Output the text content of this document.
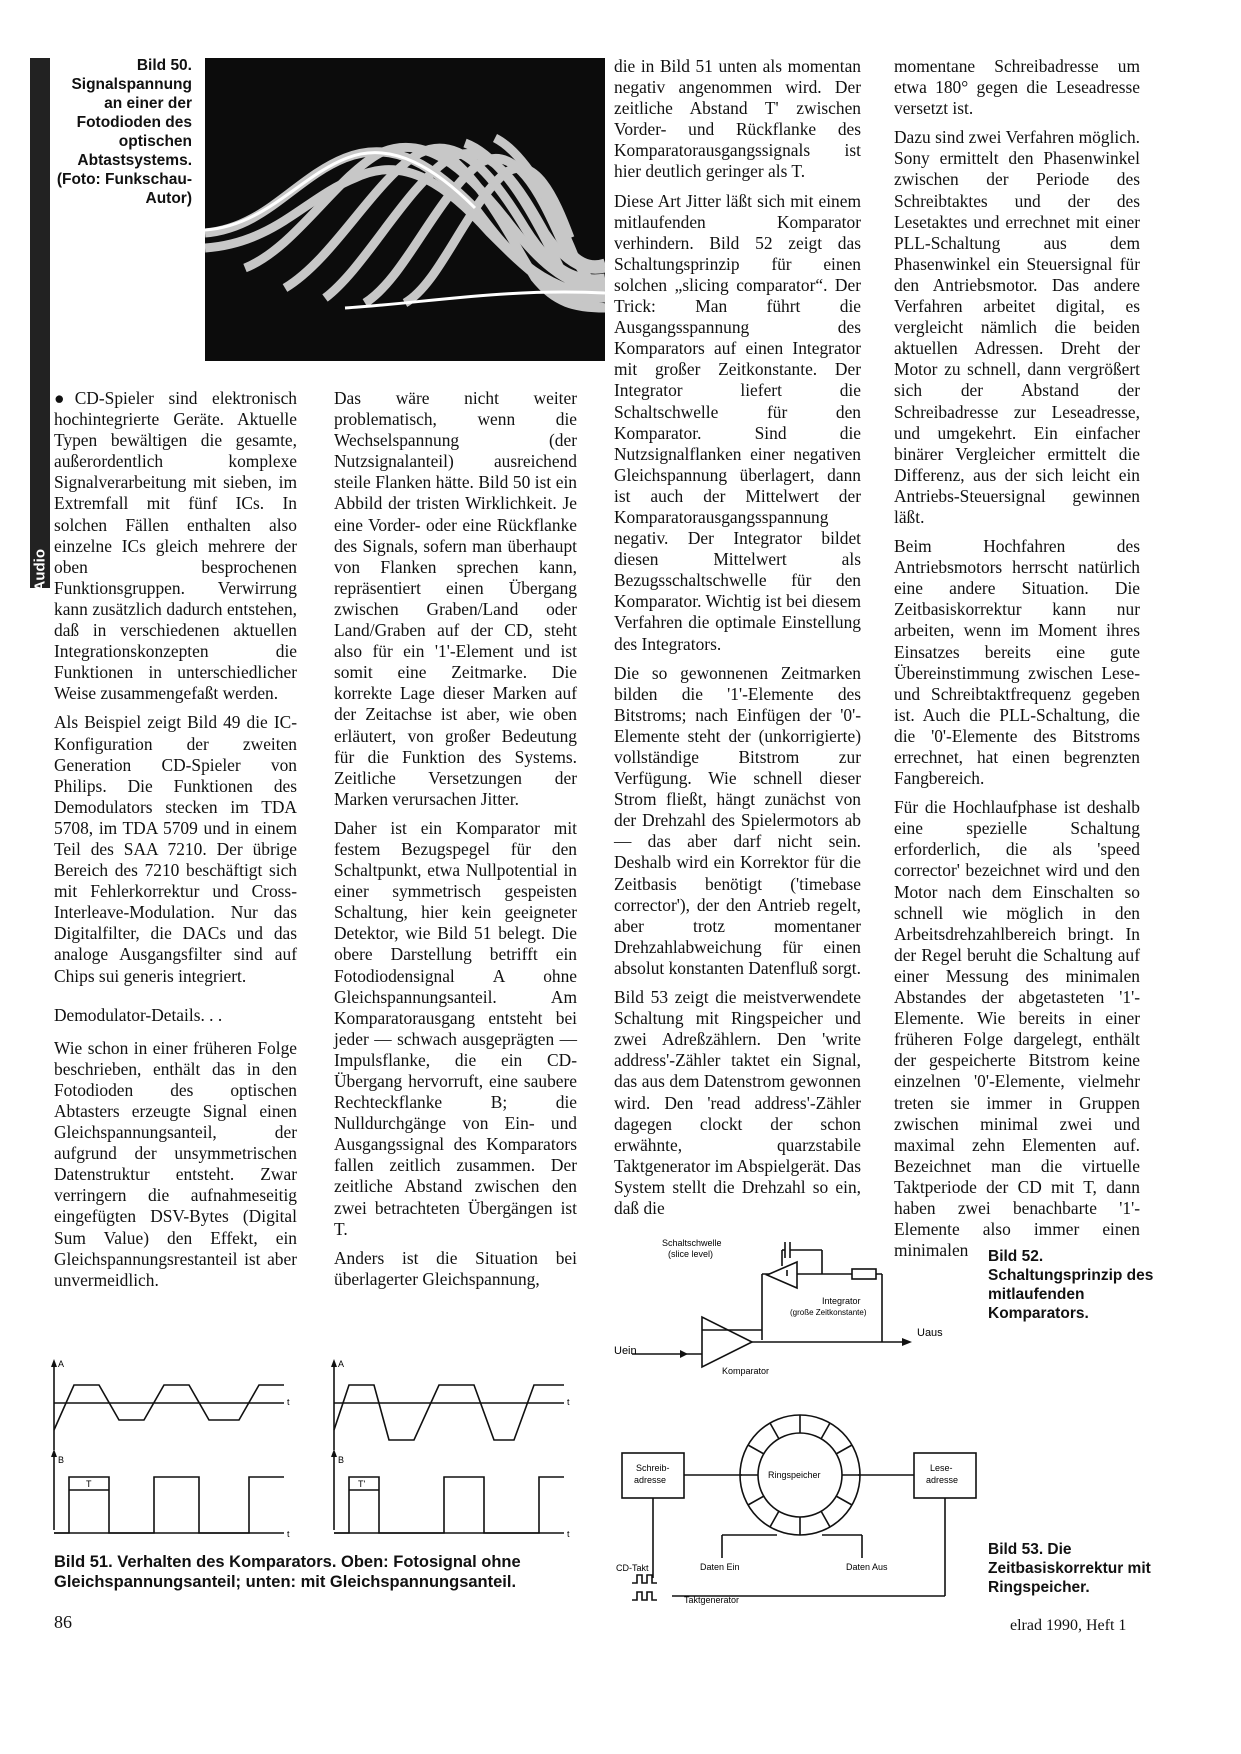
Audio
Bild 50. Signalspannung an einer der Fotodioden des optischen Abtastsystems. (Foto: Funkschau-Autor)

●CD-Spieler sind elektronisch hochintegrierte Geräte. Aktuelle Typen bewältigen die gesamte, außerordentlich komplexe Signalverarbeitung mit sieben, im Extremfall mit fünf ICs. In solchen Fällen enthalten also einzelne ICs gleich mehrere der oben besprochenen Funktionsgruppen. Verwirrung kann zusätzlich dadurch entstehen, daß in verschiedenen aktuellen Integrationskonzepten die Funktionen in unterschiedlicher Weise zusammengefaßt werden.

Als Beispiel zeigt Bild 49 die IC-Konfiguration der zweiten Generation CD-Spieler von Philips. Die Funktionen des Demodulators stecken im TDA 5708, im TDA 5709 und in einem Teil des SAA 7210. Der übrige Bereich des 7210 beschäftigt sich mit Fehlerkorrektur und Cross-Interleave-Modulation. Nur das Digitalfilter, die DACs und das analoge Ausgangsfilter sind auf Chips sui generis integriert.

Demodulator-Details. . .

Wie schon in einer früheren Folge beschrieben, enthält das in den Fotodioden des optischen Abtasters erzeugte Signal einen Gleichspannungsanteil, der aufgrund der unsymmetrischen Datenstruktur entsteht. Zwar verringern die aufnahmeseitig eingefügten DSV-Bytes (Digital Sum Value) den Effekt, ein Gleichspannungsrestanteil ist aber unvermeidlich.

Das wäre nicht weiter problematisch, wenn die Wechselspannung (der Nutzsignalanteil) ausreichend steile Flanken hätte. Bild 50 ist ein Abbild der tristen Wirklichkeit. Je eine Vorder- oder eine Rückflanke des Signals, sofern man überhaupt von Flanken sprechen kann, repräsentiert einen Übergang zwischen Graben/Land oder Land/Graben auf der CD, steht also für ein '1'-Element und ist somit eine Zeitmarke. Die korrekte Lage dieser Marken auf der Zeitachse ist aber, wie oben erläutert, von großer Bedeutung für die Funktion des Systems. Zeitliche Versetzungen der Marken verursachen Jitter.

Daher ist ein Komparator mit festem Bezugspegel für den Schaltpunkt, etwa Nullpotential in einer symmetrisch gespeisten Schaltung, hier kein geeigneter Detektor, wie Bild 51 belegt. Die obere Darstellung betrifft ein Fotodiodensignal A ohne Gleichspannungsanteil. Am Komparatorausgang entsteht bei jeder — schwach ausgeprägten — Impulsflanke, die ein CD-Übergang hervorruft, eine saubere Rechteckflanke B; die Nulldurchgänge von Ein- und Ausgangssignal des Komparators fallen zeitlich zusammen. Der zeitliche Abstand zwischen den zwei betrachteten Übergängen ist T.

Anders ist die Situation bei überlagerter Gleichspannung,

die in Bild 51 unten als momentan negativ angenommen wird. Der zeitliche Abstand T' zwischen Vorder- und Rückflanke des Komparatorausgangssignals ist hier deutlich geringer als T.

Diese Art Jitter läßt sich mit einem mitlaufenden Komparator verhindern. Bild 52 zeigt das Schaltungsprinzip für einen solchen „slicing comparator“. Der Trick: Man führt die Ausgangsspannung des Komparators auf einen Integrator mit großer Zeitkonstante. Der Integrator liefert die Schaltschwelle für den Komparator. Sind die Nutzsignalflanken einer negativen Gleichspannung überlagert, dann ist auch der Mittelwert der Komparatorausgangsspannung negativ. Der Integrator bildet diesen Mittelwert als Bezugsschaltschwelle für den Komparator. Wichtig ist bei diesem Verfahren die optimale Einstellung des Integrators.

Die so gewonnenen Zeitmarken bilden die '1'-Elemente des Bitstroms; nach Einfügen der '0'-Elemente steht der (unkorrigierte) vollständige Bitstrom zur Verfügung. Wie schnell dieser Strom fließt, hängt zunächst von der Drehzahl des Spielermotors ab — das aber darf nicht sein. Deshalb wird ein Korrektor für die Zeitbasis benötigt ('timebase corrector'), der den Antrieb regelt, aber trotz momentaner Drehzahlabweichung für einen absolut konstanten Datenfluß sorgt.

Bild 53 zeigt die meistverwendete Schaltung mit Ringspeicher und zwei Adreßzählern. Den 'write address'-Zähler taktet ein Signal, das aus dem Datenstrom gewonnen wird. Den 'read address'-Zähler dagegen clockt der schon erwähnte, quarzstabile Taktgenerator im Abspielgerät. Das System stellt die Drehzahl so ein, daß die

momentane Schreibadresse um etwa 180° gegen die Leseadresse versetzt ist.

Dazu sind zwei Verfahren möglich. Sony ermittelt den Phasenwinkel zwischen der Periode des Schreibtaktes und der des Lesetaktes und errechnet mit einer PLL-Schaltung aus dem Phasenwinkel ein Steuersignal für den Antriebsmotor. Das andere Verfahren arbeitet digital, es vergleicht nämlich die beiden aktuellen Adressen. Dreht der Motor zu schnell, dann vergrößert sich der Abstand der Schreibadresse zur Leseadresse, und umgekehrt. Ein einfacher binärer Vergleicher ermittelt die Differenz, aus der sich leicht ein Antriebs-Steuersignal gewinnen läßt.

Beim Hochfahren des Antriebsmotors herrscht natürlich eine andere Situation. Die Zeitbasiskorrektur kann nur arbeiten, wenn im Moment ihres Einsatzes bereits eine gute Übereinstimmung zwischen Lese- und Schreibtaktfrequenz gegeben ist. Auch die PLL-Schaltung, die die '0'-Elemente des Bitstroms errechnet, hat einen begrenzten Fangbereich.

Für die Hochlaufphase ist deshalb eine spezielle Schaltung erforderlich, die als 'speed corrector' bezeichnet wird und den Motor nach dem Einschalten so schnell wie möglich in den Arbeitsdrehzahlbereich bringt. In der Regel beruht die Schaltung auf einer Messung des minimalen Abstandes der abgetasteten '1'-Elemente. Wie bereits in einer früheren Folge dargelegt, enthält der gespeicherte Bitstrom keine einzelnen '0'-Elemente, vielmehr treten sie immer in Gruppen zwischen minimal zwei und maximal zehn Elementen auf. Bezeichnet man die virtuelle Taktperiode der CD mit T, dann haben zwei benachbarte '1'-Elemente also immer einen minimalen

Schaltschwelle
(slice level)
Integrator
(große Zeitkonstante)
Uein
Uaus
Komparator
Bild 52. Schaltungsprinzip des mitlaufenden Komparators.
Schreib-
adresse
Lese-
adresse
Ringspeicher
CD-Takt	Daten Ein	Daten Aus
Taktgenerator
Bild 53. Die Zeitbasiskorrektur mit Ringspeicher.
A
B
t
t
T
A
B
t
t
T'
Bild 51. Verhalten des Komparators. Oben: Fotosignal ohne Gleichspannungsanteil; unten: mit Gleichspannungsanteil.
86	elrad 1990, Heft 1
